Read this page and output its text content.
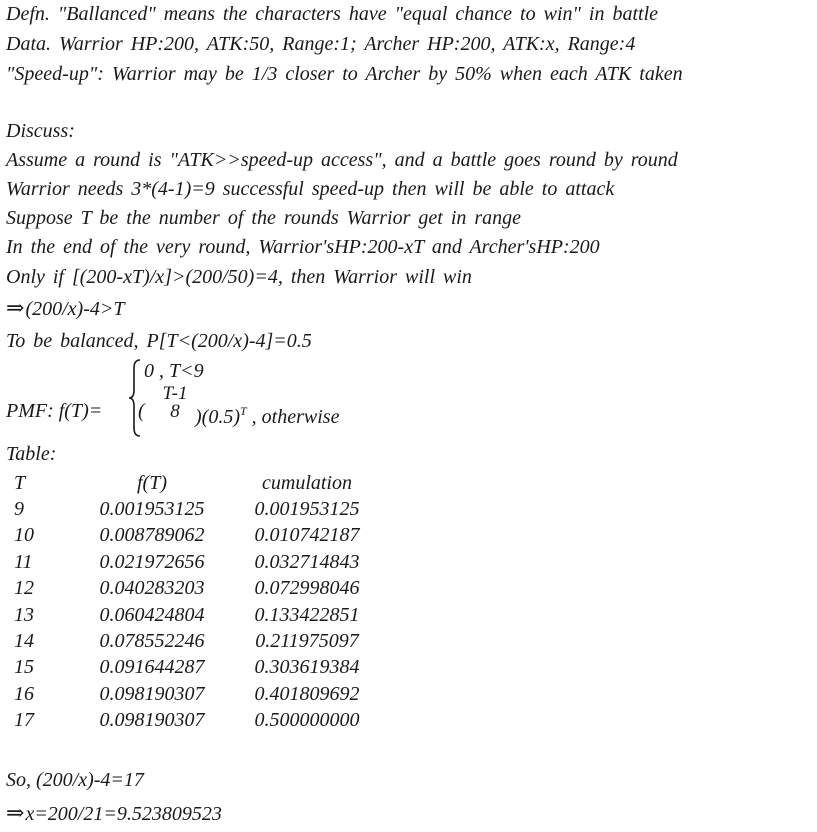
Defn. "Ballanced" means the characters have "equal chance to win" in battle
Data. Warrior HP:200, ATK:50, Range:1; Archer HP:200, ATK:x, Range:4
"Speed-up": Warrior may be 1/3 closer to Archer by 50% when each ATK taken
Discuss:
Assume a round is "ATK>>speed-up access", and a battle goes round by round
Warrior needs 3*(4-1)=9 successful speed-up then will be able to attack
Suppose T be the number of the rounds Warrior get in range
In the end of the very round, Warrior'sHP:200-xT and Archer'sHP:200
Only if [(200-xT)/x]>(200/50)=4, then Warrior will win
⇒(200/x)-4>T
To be balanced, P[T<(200/x)-4]=0.5
PMF: f(T)=
0 , T<9
(
T-1
8 )$(0.5)^T$ , otherwise
Table:
T	f(T)	cumulation
9	0.001953125	0.001953125
10	0.008789062	0.010742187
11	0.021972656	0.032714843
12	0.040283203	0.072998046
13	0.060424804	0.133422851
14	0.078552246	0.211975097
15	0.091644287	0.303619384
16	0.098190307	0.401809692
17	0.098190307	0.500000000
So, (200/x)-4=17
⇒x=200/21=9.523809523
